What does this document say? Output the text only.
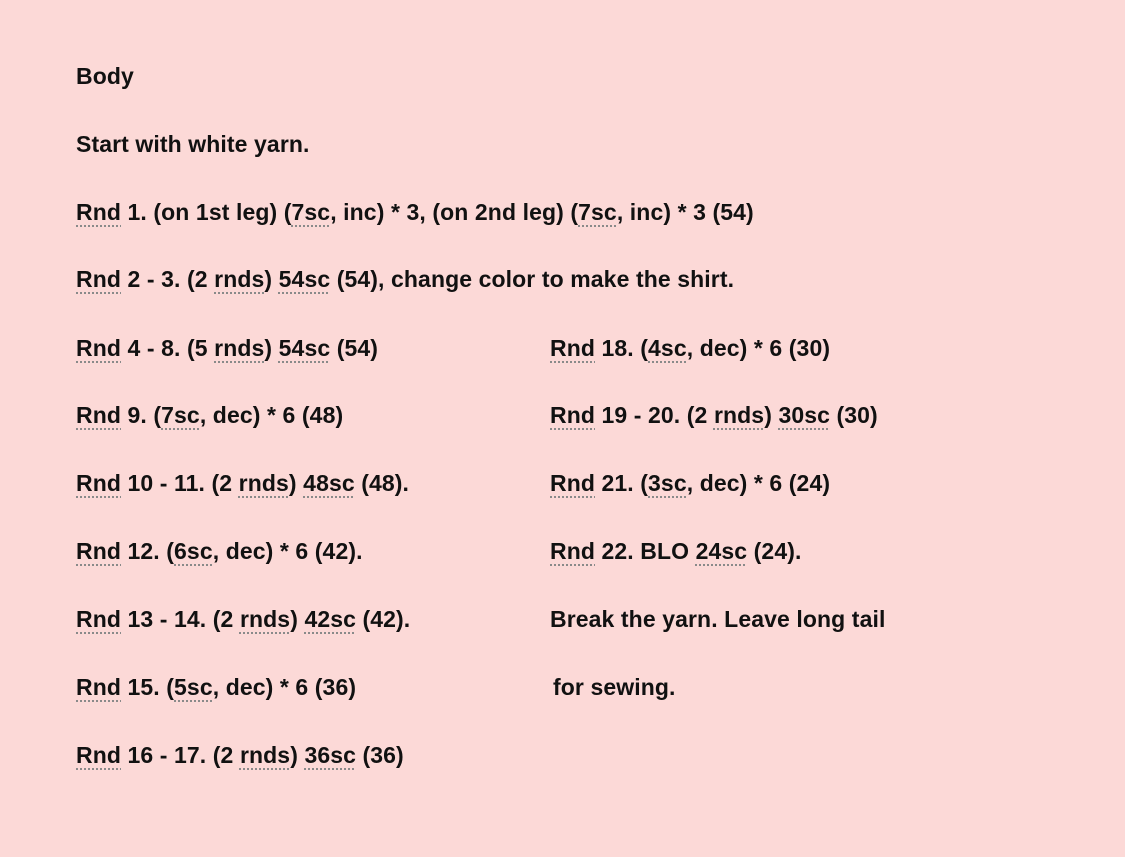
Body
Start with white yarn.
Rnd 1. (on 1st leg) (7sc, inc) * 3, (on 2nd leg) (7sc, inc) * 3 (54)
Rnd 2 - 3. (2 rnds) 54sc (54), change color to make the shirt.
Rnd 4 - 8. (5 rnds) 54sc (54)
Rnd 9. (7sc, dec) * 6 (48)
Rnd 10 - 11. (2 rnds) 48sc (48).
Rnd 12. (6sc, dec) * 6 (42).
Rnd 13 - 14. (2 rnds) 42sc (42).
Rnd 15. (5sc, dec) * 6 (36)
Rnd 16 - 17. (2 rnds) 36sc (36)
Rnd 18. (4sc, dec) * 6 (30)
Rnd 19 - 20. (2 rnds) 30sc (30)
Rnd 21. (3sc, dec) * 6 (24)
Rnd 22. BLO 24sc (24).
Break the yarn. Leave long tail
for sewing.
